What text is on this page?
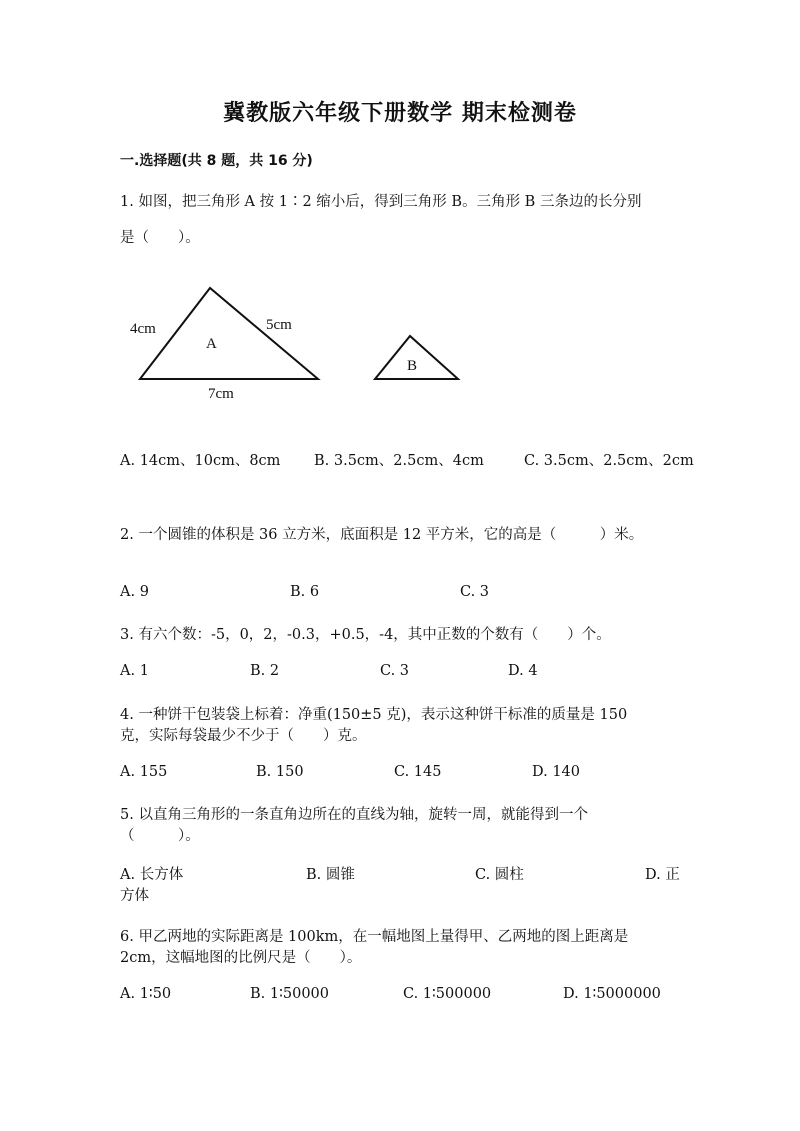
冀教版六年级下册数学 期末检测卷
一.选择题(共 8 题，共 16 分)
1. 如图，把三角形 A 按 1∶2 缩小后，得到三角形 B。三角形 B 三条边的长分别
是（　　）。
4cm	5cm
7cm
A
B
A. 14cm、10cm、8cm B. 3.5cm、2.5cm、4cm	C. 3.5cm、2.5cm、2cm
2. 一个圆锥的体积是 36 立方米，底面积是 12 平方米，它的高是（　　　）米。
A. 9	B. 6	C. 3
3. 有六个数：-5，0，2，-0.3，+0.5，-4，其中正数的个数有（　　）个。
A. 1	B. 2	C. 3	D. 4
4. 一种饼干包装袋上标着：净重(150±5 克)，表示这种饼干标准的质量是 150
克，实际每袋最少不少于（　　）克。
A. 155	B. 150	C. 145	D. 140
5. 以直角三角形的一条直角边所在的直线为轴，旋转一周，就能得到一个
（　　　）。
A. 长方体	B. 圆锥	C. 圆柱	D. 正
方体
6. 甲乙两地的实际距离是 100km，在一幅地图上量得甲、乙两地的图上距离是
2cm，这幅地图的比例尺是（　　）。
A. 1∶50	B. 1∶50000	C. 1∶500000	D. 1∶5000000
